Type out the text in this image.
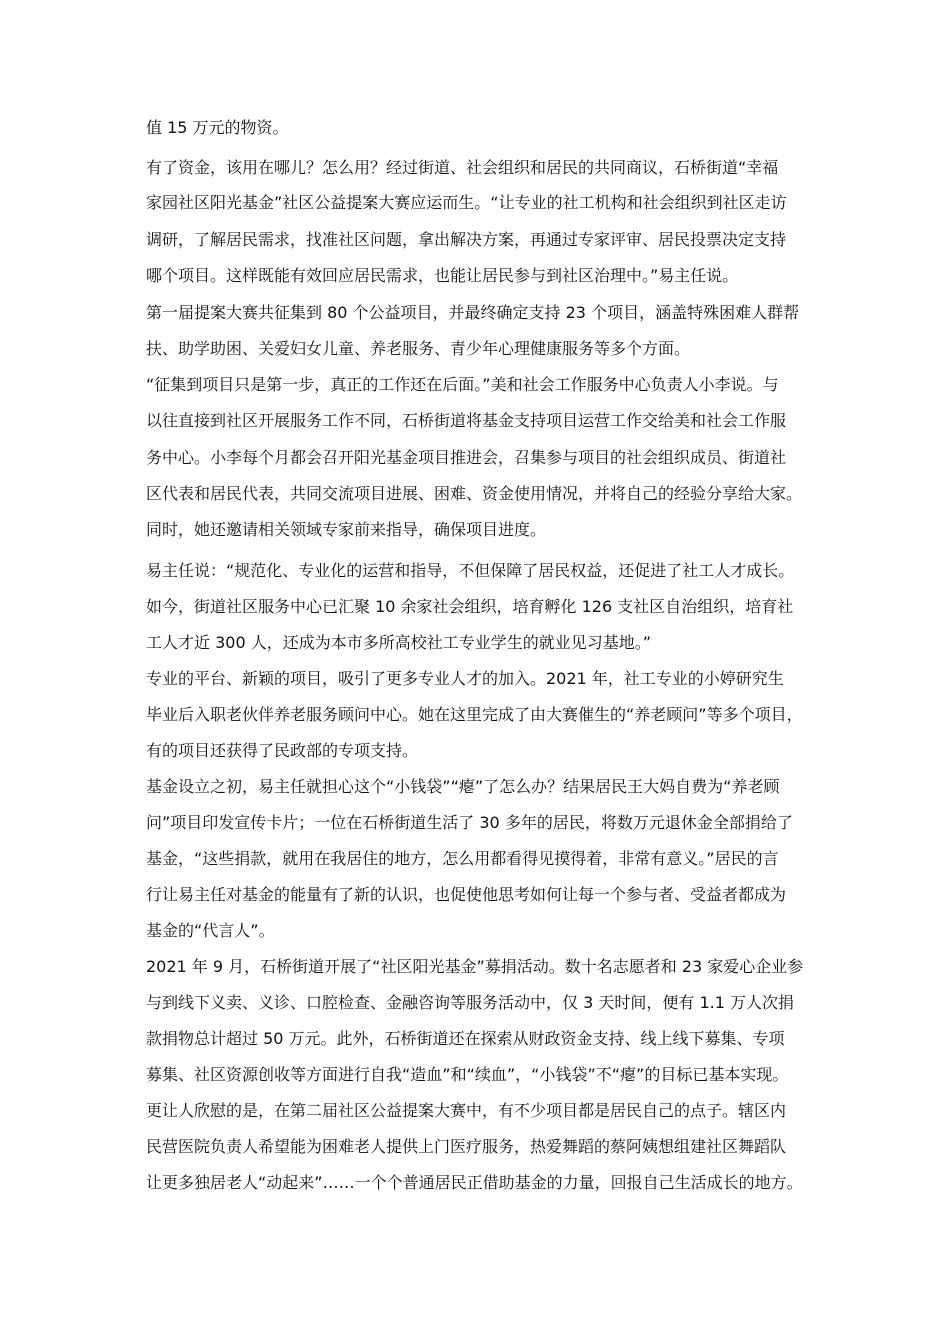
值 15 万元的物资。

有了资金，该用在哪儿？怎么用？经过街道、社会组织和居民的共同商议，石桥街道“幸福

家园社区阳光基金”社区公益提案大赛应运而生。“让专业的社工机构和社会组织到社区走访

调研，了解居民需求，找准社区问题，拿出解决方案，再通过专家评审、居民投票决定支持

哪个项目。这样既能有效回应居民需求，也能让居民参与到社区治理中。”易主任说。

第一届提案大赛共征集到 80 个公益项目，并最终确定支持 23 个项目，涵盖特殊困难人群帮

扶、助学助困、关爱妇女儿童、养老服务、青少年心理健康服务等多个方面。

“征集到项目只是第一步，真正的工作还在后面。”美和社会工作服务中心负责人小李说。与

以往直接到社区开展服务工作不同，石桥街道将基金支持项目运营工作交给美和社会工作服

务中心。小李每个月都会召开阳光基金项目推进会，召集参与项目的社会组织成员、街道社

区代表和居民代表，共同交流项目进展、困难、资金使用情况，并将自己的经验分享给大家。

同时，她还邀请相关领域专家前来指导，确保项目进度。

易主任说：“规范化、专业化的运营和指导，不但保障了居民权益，还促进了社工人才成长。

如今，街道社区服务中心已汇聚 10 余家社会组织，培育孵化 126 支社区自治组织，培育社

工人才近 300 人，还成为本市多所高校社工专业学生的就业见习基地。”

专业的平台、新颖的项目，吸引了更多专业人才的加入。2021 年，社工专业的小婷研究生

毕业后入职老伙伴养老服务顾问中心。她在这里完成了由大赛催生的“养老顾问”等多个项目，

有的项目还获得了民政部的专项支持。

基金设立之初，易主任就担心这个“小钱袋”“瘪”了怎么办？结果居民王大妈自费为“养老顾

问”项目印发宣传卡片；一位在石桥街道生活了 30 多年的居民，将数万元退休金全部捐给了

基金，“这些捐款，就用在我居住的地方，怎么用都看得见摸得着，非常有意义。”居民的言

行让易主任对基金的能量有了新的认识，也促使他思考如何让每一个参与者、受益者都成为

基金的“代言人”。

2021 年 9 月，石桥街道开展了“社区阳光基金”募捐活动。数十名志愿者和 23 家爱心企业参

与到线下义卖、义诊、口腔检查、金融咨询等服务活动中，仅 3 天时间，便有 1.1 万人次捐

款捐物总计超过 50 万元。此外，石桥街道还在探索从财政资金支持、线上线下募集、专项

募集、社区资源创收等方面进行自我“造血”和“续血”，“小钱袋”不“瘪”的目标已基本实现。

更让人欣慰的是，在第二届社区公益提案大赛中，有不少项目都是居民自己的点子。辖区内

民营医院负责人希望能为困难老人提供上门医疗服务，热爱舞蹈的蔡阿姨想组建社区舞蹈队

让更多独居老人“动起来”……一个个普通居民正借助基金的力量，回报自己生活成长的地方。
